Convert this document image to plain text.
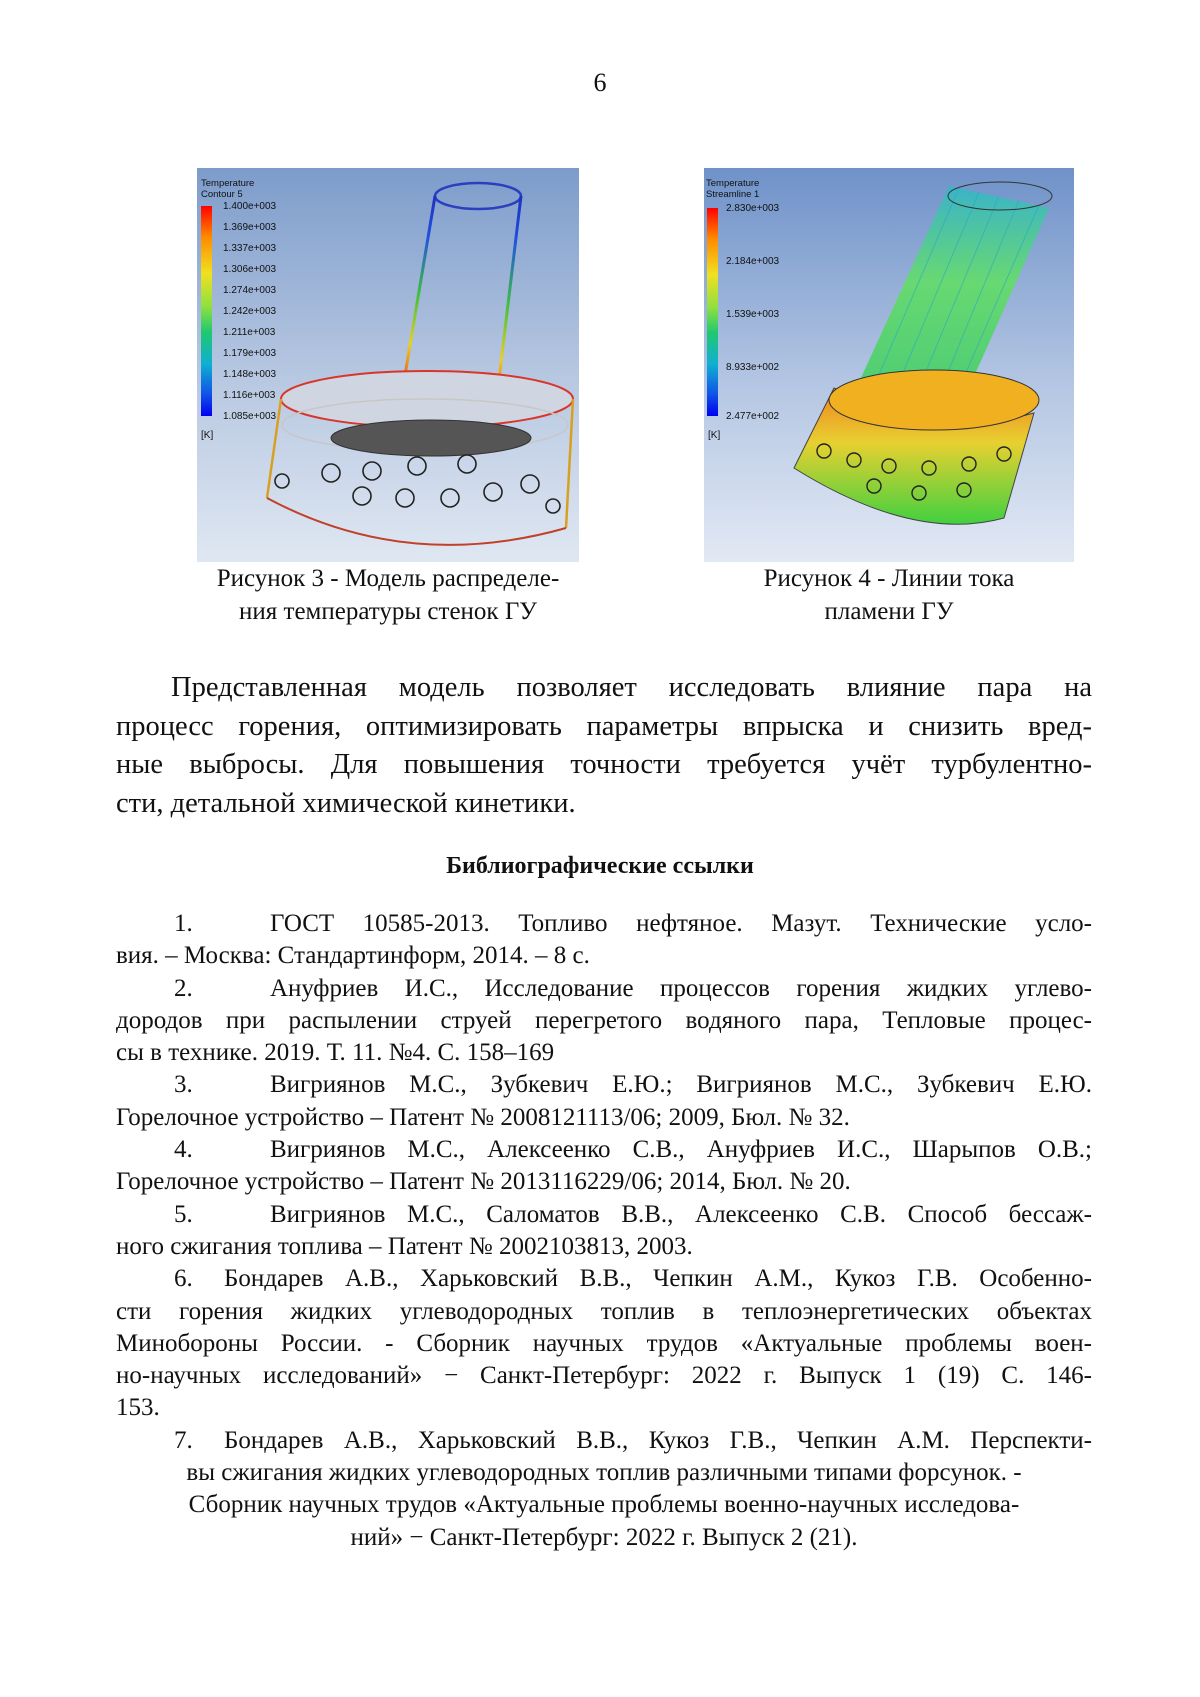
6
Temperature
Contour 5
1.400e+003
1.369e+003
1.337e+003
1.306e+003
1.274e+003
1.242e+003
1.211e+003
1.179e+003
1.148e+003
1.116e+003
1.085e+003
[K]
Temperature
Streamline 1
2.830e+003
2.184e+003
1.539e+003
8.933e+002
2.477e+002
[K]
Рисунок 3 - Модель распределе-
ния температуры стенок ГУ
Рисунок 4 - Линии тока
пламени ГУ
Представленная модель позволяет исследовать влияние пара на
процесс горения, оптимизировать параметры впрыска и снизить вред-
ные выбросы. Для повышения точности требуется учёт турбулентно-
сти, детальной химической кинетики.
Библиографические ссылки
1.	ГОСТ 10585-2013. Топливо нефтяное. Мазут. Технические усло-
вия. – Москва: Стандартинформ, 2014. – 8 с.
2.	Ануфриев И.С., Исследование процессов горения жидких углево-
дородов при распылении струей перегретого водяного пара, Тепловые процес-
сы в технике. 2019. Т. 11. №4. С. 158–169
3.	Вигриянов М.С., Зубкевич Е.Ю.; Вигриянов М.С., Зубкевич Е.Ю.
Горелочное устройство – Патент № 2008121113/06; 2009, Бюл. № 32.
4.	Вигриянов М.С., Алексеенко С.В., Ануфриев И.С., Шарыпов О.В.;
Горелочное устройство – Патент № 2013116229/06; 2014, Бюл. № 20.
5.	Вигриянов М.С., Саломатов В.В., Алексеенко С.В. Способ бессаж-
ного сжигания топлива – Патент № 2002103813, 2003.
6. Бондарев А.В., Харьковский В.В., Чепкин А.М., Кукоз Г.В. Особенно-
сти горения жидких углеводородных топлив в теплоэнергетических объектах
Минобороны России. - Сборник научных трудов «Актуальные проблемы воен-
но-научных исследований» − Санкт-Петербург: 2022 г. Выпуск 1 (19) С. 146-
153.
7. Бондарев А.В., Харьковский В.В., Кукоз Г.В., Чепкин А.М. Перспекти-
вы сжигания жидких углеводородных топлив различными типами форсунок. -
Сборник научных трудов «Актуальные проблемы военно-научных исследова-
ний» − Санкт-Петербург: 2022 г. Выпуск 2 (21).
